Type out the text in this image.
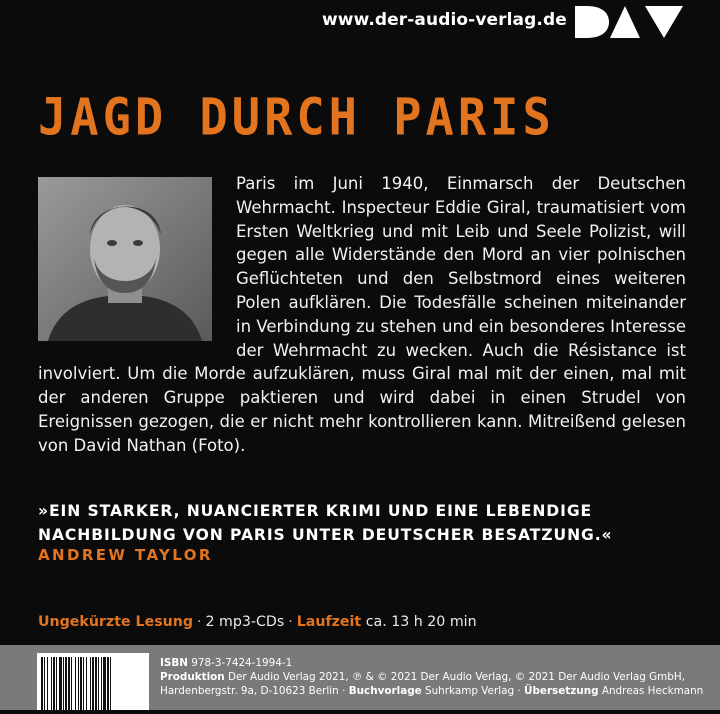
www.der-audio-verlag.de
JAGD DURCH PARIS

Paris im Juni 1940, Einmarsch der Deutschen Wehrmacht. Inspecteur Eddie Giral, traumatisiert vom Ersten Weltkrieg und mit Leib und Seele Polizist, will gegen alle Widerstände den Mord an vier polnischen Geflüchteten und den Selbstmord eines weiteren Polen aufklären. Die Todesfälle scheinen miteinander in Verbindung zu stehen und ein besonderes Interesse der Wehrmacht zu wecken. Auch die Résistance ist involviert. Um die Morde aufzuklären, muss Giral mal mit der einen, mal mit der anderen Gruppe paktieren und wird dabei in einen Strudel von Ereignissen gezogen, die er nicht mehr kontrollieren kann. Mitreißend gelesen von David Nathan (Foto).

»EIN STARKER, NUANCIERTER KRIMI UND EINE LEBENDIGE NACHBILDUNG VON PARIS UNTER DEUTSCHER BESATZUNG.«

ANDREW TAYLOR
Ungekürzte Lesung · 2 mp3-CDs · Laufzeit ca. 13 h 20 min
ISBN 978-3-7424-1994-1
Produktion Der Audio Verlag 2021, ℗ & © 2021 Der Audio Verlag, © 2021 Der Audio Verlag GmbH,
Hardenbergstr. 9a, D-10623 Berlin · Buchvorlage Suhrkamp Verlag · Übersetzung Andreas Heckmann
